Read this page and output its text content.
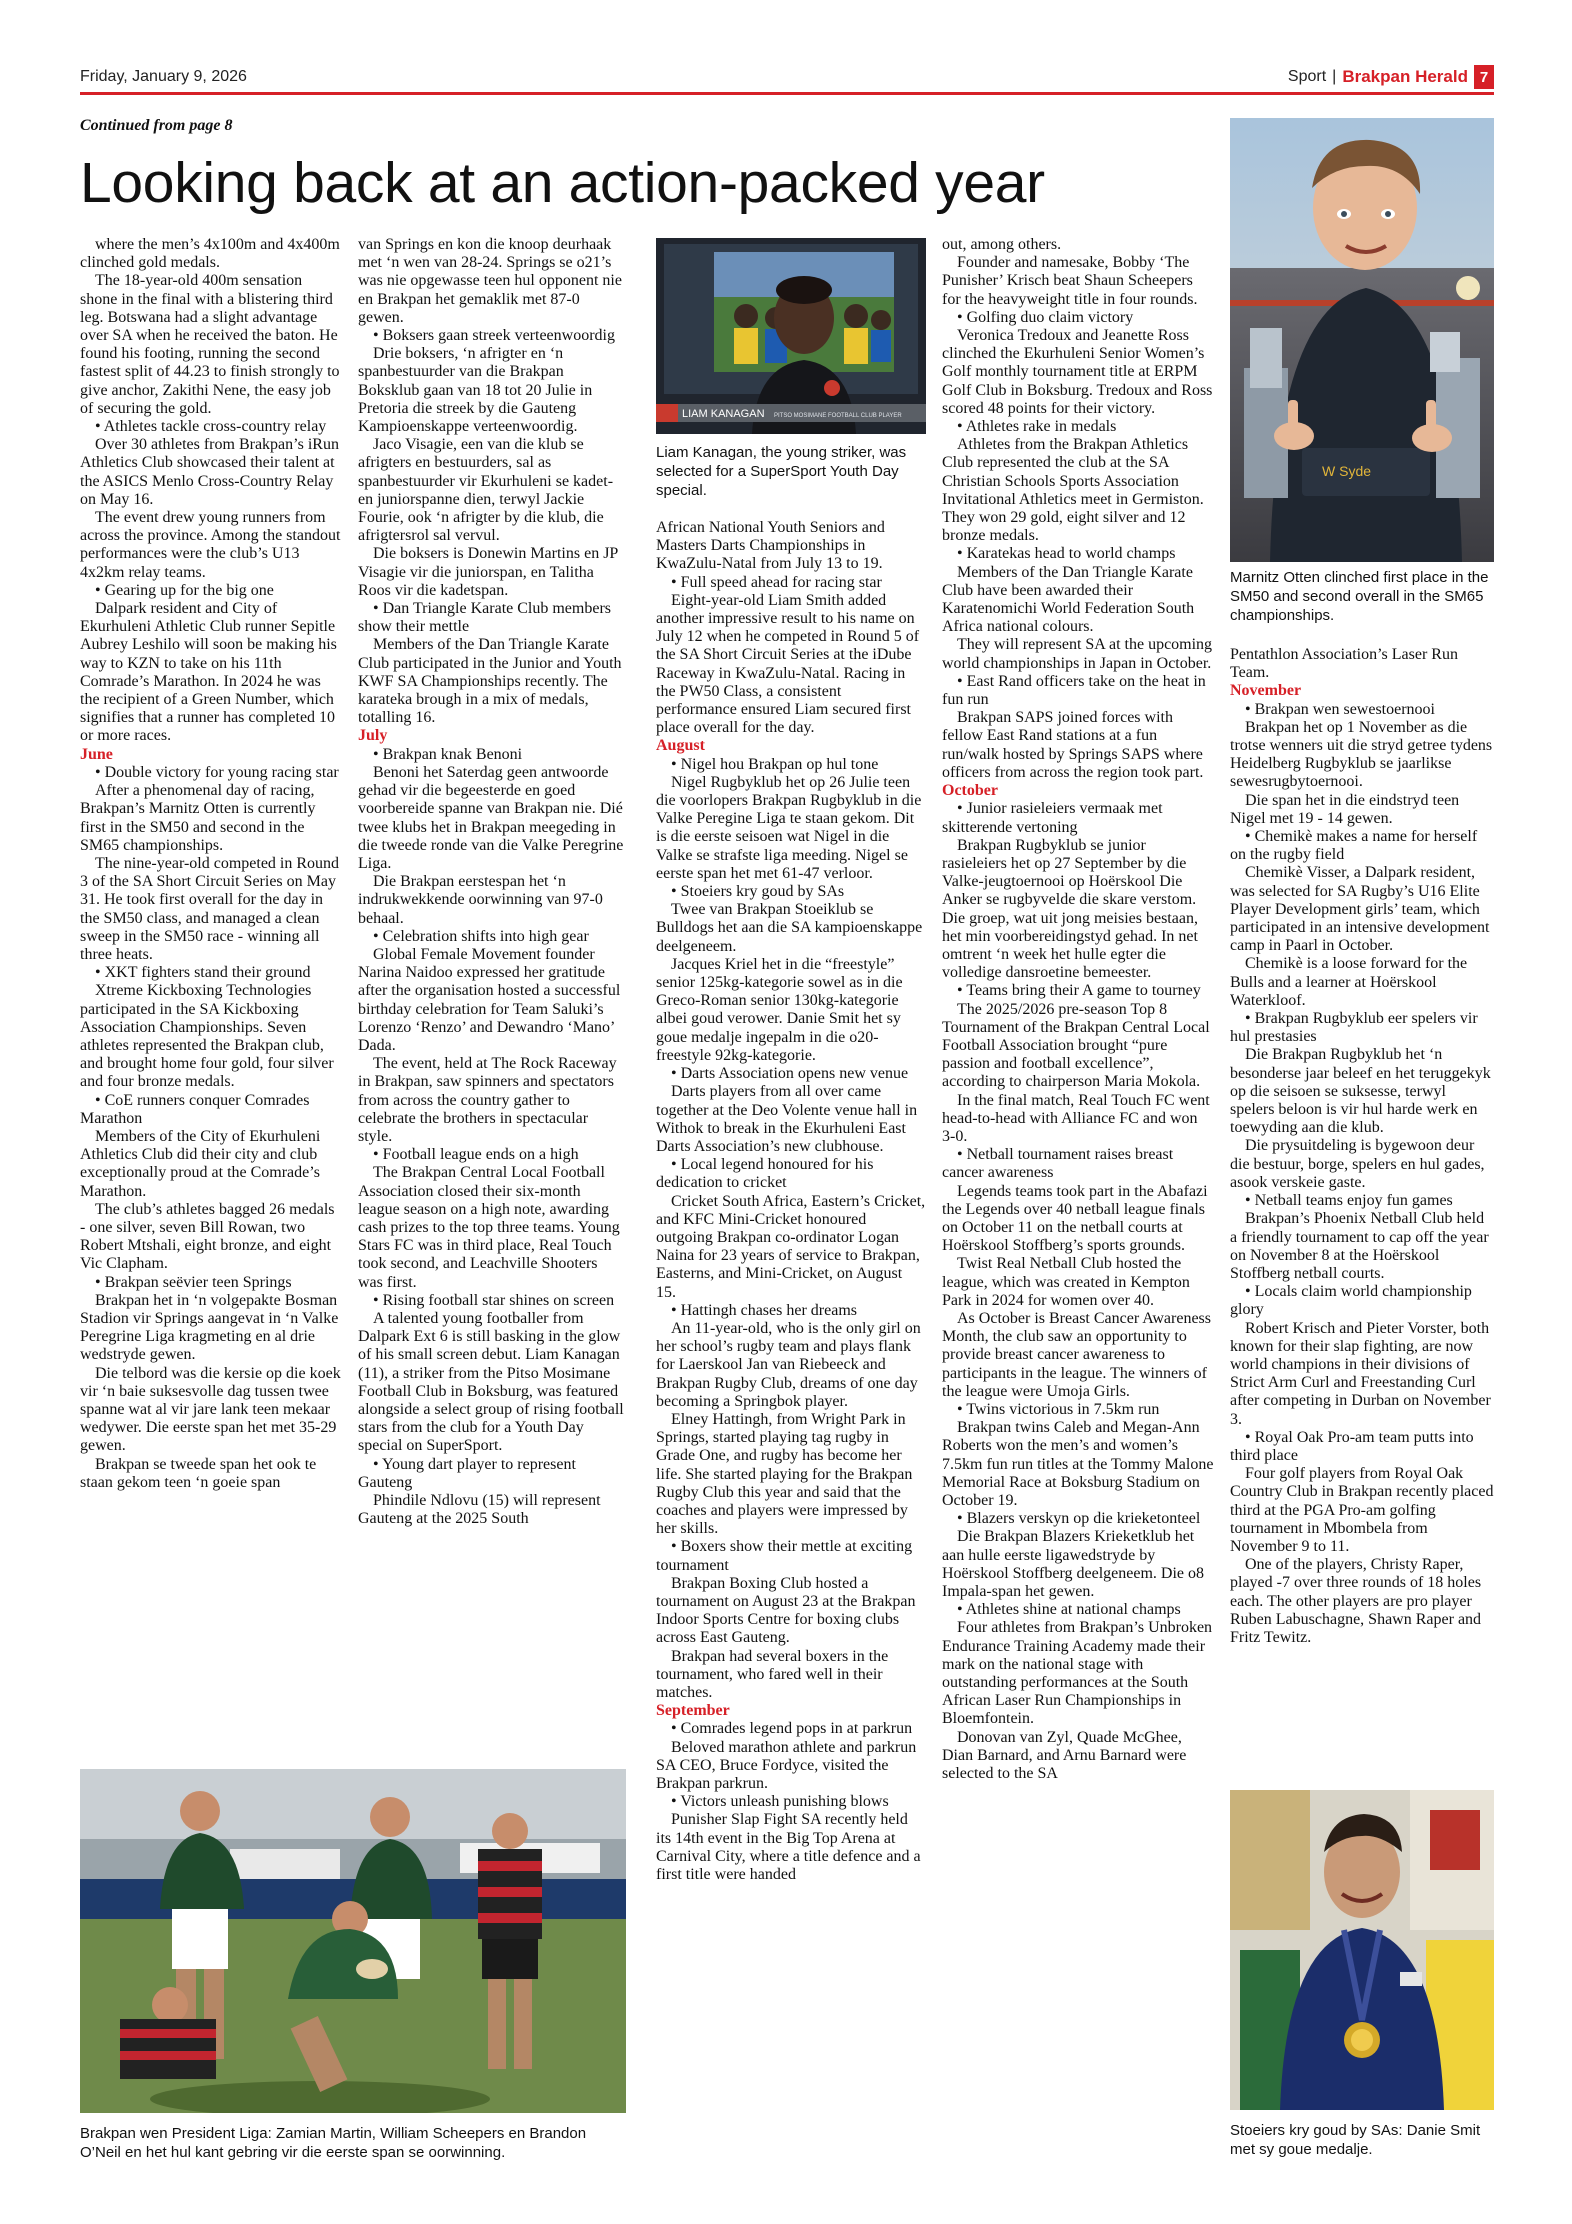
Friday, January 9, 2026	Sport | Brakpan Herald 7
Continued from page 8
Looking back at an action-packed year

where the men’s 4x100m and 4x400m clinched gold medals.

The 18-year-old 400m sensation shone in the final with a blistering third leg. Botswana had a slight advantage over SA when he received the baton. He found his footing, running the second fastest split of 44.23 to finish strongly to give anchor, Zakithi Nene, the easy job of securing the gold.

• Athletes tackle cross-country relay

Over 30 athletes from Brakpan’s iRun Athletics Club showcased their talent at the ASICS Menlo Cross-Country Relay on May 16.

The event drew young runners from across the province. Among the standout performances were the club’s U13 4x2km relay teams.

• Gearing up for the big one

Dalpark resident and City of Ekurhuleni Athletic Club runner Sepitle Aubrey Leshilo will soon be making his way to KZN to take on his 11th Comrade’s Marathon. In 2024 he was the recipient of a Green Number, which signifies that a runner has completed 10 or more races.

June

• Double victory for young racing star

After a phenomenal day of racing, Brakpan’s Marnitz Otten is currently first in the SM50 and second in the SM65 championships.

The nine-year-old competed in Round 3 of the SA Short Circuit Series on May 31. He took first overall for the day in the SM50 class, and managed a clean sweep in the SM50 race - winning all three heats.

• XKT fighters stand their ground

Xtreme Kickboxing Technologies participated in the SA Kickboxing Association Championships. Seven athletes represented the Brakpan club, and brought home four gold, four silver and four bronze medals.

• CoE runners conquer Comrades Marathon

Members of the City of Ekurhuleni Athletics Club did their city and club exceptionally proud at the Comrade’s Marathon.

The club’s athletes bagged 26 medals - one silver, seven Bill Rowan, two Robert Mtshali, eight bronze, and eight Vic Clapham.

• Brakpan seëvier teen Springs

Brakpan het in ‘n volgepakte Bosman Stadion vir Springs aangevat in ‘n Valke Peregrine Liga kragmeting en al drie wedstryde gewen.

Die telbord was die kersie op die koek vir ‘n baie suksesvolle dag tussen twee spanne wat al vir jare lank teen mekaar wedywer. Die eerste span het met 35-29 gewen.

Brakpan se tweede span het ook te staan gekom teen ‘n goeie span

van Springs en kon die knoop deurhaak met ‘n wen van 28-24. Springs se o21’s was nie opgewasse teen hul opponent nie en Brakpan het gemaklik met 87-0 gewen.

• Boksers gaan streek verteenwoordig

Drie boksers, ‘n afrigter en ‘n spanbestuurder van die Brakpan Boksklub gaan van 18 tot 20 Julie in Pretoria die streek by die Gauteng Kampioenskappe verteenwoordig.

Jaco Visagie, een van die klub se afrigters en bestuurders, sal as spanbestuurder vir Ekurhuleni se kadet- en juniorspanne dien, terwyl Jackie Fourie, ook ‘n afrigter by die klub, die afrigtersrol sal vervul.

Die boksers is Donewin Martins en JP Visagie vir die juniorspan, en Talitha Roos vir die kadetspan.

• Dan Triangle Karate Club members show their mettle

Members of the Dan Triangle Karate Club participated in the Junior and Youth KWF SA Championships recently. The karateka brough in a mix of medals, totalling 16.

July

• Brakpan knak Benoni

Benoni het Saterdag geen antwoorde gehad vir die begeesterde en goed voorbereide spanne van Brakpan nie. Dié twee klubs het in Brakpan meegeding in die tweede ronde van die Valke Peregrine Liga.

Die Brakpan eerstespan het ‘n indrukwekkende oorwinning van 97-0 behaal.

• Celebration shifts into high gear

Global Female Movement founder Narina Naidoo expressed her gratitude after the organisation hosted a successful birthday celebration for Team Saluki’s Lorenzo ‘Renzo’ and Dewandro ‘Mano’ Dada.

The event, held at The Rock Raceway in Brakpan, saw spinners and spectators from across the country gather to celebrate the brothers in spectacular style.

• Football league ends on a high

The Brakpan Central Local Football Association closed their six-month league season on a high note, awarding cash prizes to the top three teams. Young Stars FC was in third place, Real Touch took second, and Leachville Shooters was first.

• Rising football star shines on screen

A talented young footballer from Dalpark Ext 6 is still basking in the glow of his small screen debut. Liam Kanagan (11), a striker from the Pitso Mosimane Football Club in Boksburg, was featured alongside a select group of rising football stars from the club for a Youth Day special on SuperSport.

• Young dart player to represent Gauteng

Phindile Ndlovu (15) will represent Gauteng at the 2025 South

African National Youth Seniors and Masters Darts Championships in KwaZulu-Natal from July 13 to 19.

• Full speed ahead for racing star

Eight-year-old Liam Smith added another impressive result to his name on July 12 when he competed in Round 5 of the SA Short Circuit Series at the iDube Raceway in KwaZulu-Natal. Racing in the PW50 Class, a consistent performance ensured Liam secured first place overall for the day.

August

• Nigel hou Brakpan op hul tone

Nigel Rugbyklub het op 26 Julie teen die voorlopers Brakpan Rugbyklub in die Valke Peregine Liga te staan gekom. Dit is die eerste seisoen wat Nigel in die Valke se strafste liga meeding. Nigel se eerste span het met 61-47 verloor.

• Stoeiers kry goud by SAs

Twee van Brakpan Stoeiklub se Bulldogs het aan die SA kampioenskappe deelgeneem.

Jacques Kriel het in die “freestyle” senior 125kg-kategorie sowel as in die Greco-Roman senior 130kg-kategorie albei goud verower. Danie Smit het sy goue medalje ingepalm in die o20-freestyle 92kg-kategorie.

• Darts Association opens new venue

Darts players from all over came together at the Deo Volente venue hall in Withok to break in the Ekurhuleni East Darts Association’s new clubhouse.

• Local legend honoured for his dedication to cricket

Cricket South Africa, Eastern’s Cricket, and KFC Mini-Cricket honoured outgoing Brakpan co-ordinator Logan Naina for 23 years of service to Brakpan, Easterns, and Mini-Cricket, on August 15.

• Hattingh chases her dreams

An 11-year-old, who is the only girl on her school’s rugby team and plays flank for Laerskool Jan van Riebeeck and Brakpan Rugby Club, dreams of one day becoming a Springbok player.

Elney Hattingh, from Wright Park in Springs, started playing tag rugby in Grade One, and rugby has become her life. She started playing for the Brakpan Rugby Club this year and said that the coaches and players were impressed by her skills.

• Boxers show their mettle at exciting tournament

Brakpan Boxing Club hosted a tournament on August 23 at the Brakpan Indoor Sports Centre for boxing clubs across East Gauteng.

Brakpan had several boxers in the tournament, who fared well in their matches.

September

• Comrades legend pops in at parkrun

Beloved marathon athlete and parkrun SA CEO, Bruce Fordyce, visited the Brakpan parkrun.

• Victors unleash punishing blows

Punisher Slap Fight SA recently held its 14th event in the Big Top Arena at Carnival City, where a title defence and a first title were handed

out, among others.

Founder and namesake, Bobby ‘The Punisher’ Krisch beat Shaun Scheepers for the heavyweight title in four rounds.

• Golfing duo claim victory

Veronica Tredoux and Jeanette Ross clinched the Ekurhuleni Senior Women’s Golf monthly tournament title at ERPM Golf Club in Boksburg. Tredoux and Ross scored 48 points for their victory.

• Athletes rake in medals

Athletes from the Brakpan Athletics Club represented the club at the SA Christian Schools Sports Association Invitational Athletics meet in Germiston. They won 29 gold, eight silver and 12 bronze medals.

• Karatekas head to world champs

Members of the Dan Triangle Karate Club have been awarded their Karatenomichi World Federation South Africa national colours.

They will represent SA at the upcoming world championships in Japan in October.

• East Rand officers take on the heat in fun run

Brakpan SAPS joined forces with fellow East Rand stations at a fun run/walk hosted by Springs SAPS where officers from across the region took part.

October

• Junior rasieleiers vermaak met skitterende vertoning

Brakpan Rugbyklub se junior rasieleiers het op 27 September by die Valke-jeugtoernooi op Hoërskool Die Anker se rugbyvelde die skare verstom. Die groep, wat uit jong meisies bestaan, het min voorbereidingstyd gehad. In net omtrent ‘n week het hulle egter die volledige dansroetine bemeester.

• Teams bring their A game to tourney

The 2025/2026 pre-season Top 8 Tournament of the Brakpan Central Local Football Association brought “pure passion and football excellence”, according to chairperson Maria Mokola.

In the final match, Real Touch FC went head-to-head with Alliance FC and won 3-0.

• Netball tournament raises breast cancer awareness

Legends teams took part in the Abafazi the Legends over 40 netball league finals on October 11 on the netball courts at Hoërskool Stoffberg’s sports grounds.

Twist Real Netball Club hosted the league, which was created in Kempton Park in 2024 for women over 40.

As October is Breast Cancer Awareness Month, the club saw an opportunity to provide breast cancer awareness to participants in the league. The winners of the league were Umoja Girls.

• Twins victorious in 7.5km run

Brakpan twins Caleb and Megan-Ann Roberts won the men’s and women’s 7.5km fun run titles at the Tommy Malone Memorial Race at Boksburg Stadium on October 19.

• Blazers verskyn op die krieketonteel

Die Brakpan Blazers Krieketklub het aan hulle eerste ligawedstryde by Hoërskool Stoffberg deelgeneem. Die o8 Impala-span het gewen.

• Athletes shine at national champs

Four athletes from Brakpan’s Unbroken Endurance Training Academy made their mark on the national stage with outstanding performances at the South African Laser Run Championships in Bloemfontein.

Donovan van Zyl, Quade McGhee, Dian Barnard, and Arnu Barnard were selected to the SA

Pentathlon Association’s Laser Run Team.

November

• Brakpan wen sewestoernooi

Brakpan het op 1 November as die trotse wenners uit die stryd getree tydens Heidelberg Rugbyklub se jaarlikse sewesrugbytoernooi.

Die span het in die eindstryd teen Nigel met 19 - 14 gewen.

• Chemikè makes a name for herself on the rugby field

Chemikè Visser, a Dalpark resident, was selected for SA Rugby’s U16 Elite Player Development girls’ team, which participated in an intensive development camp in Paarl in October.

Chemikè is a loose forward for the Bulls and a learner at Hoërskool Waterkloof.

• Brakpan Rugbyklub eer spelers vir hul prestasies

Die Brakpan Rugbyklub het ‘n besonderse jaar beleef en het teruggekyk op die seisoen se suksesse, terwyl spelers beloon is vir hul harde werk en toewyding aan die klub.

Die prysuitdeling is bygewoon deur die bestuur, borge, spelers en hul gades, asook verskeie gaste.

• Netball teams enjoy fun games

Brakpan’s Phoenix Netball Club held a friendly tournament to cap off the year on November 8 at the Hoërskool Stoffberg netball courts.

• Locals claim world championship glory

Robert Krisch and Pieter Vorster, both known for their slap fighting, are now world champions in their divisions of Strict Arm Curl and Freestanding Curl after competing in Durban on November 3.

• Royal Oak Pro-am team putts into third place

Four golf players from Royal Oak Country Club in Brakpan recently placed third at the PGA Pro-am golfing tournament in Mbombela from November 9 to 11.

One of the players, Christy Raper, played -7 over three rounds of 18 holes each. The other players are pro player Ruben Labuschagne, Shawn Raper and Fritz Tewitz.

LIAM KANAGAN PITSO MOSIMANE FOOTBALL CLUB PLAYER
Liam Kanagan, the young striker, was selected for a SuperSport Youth Day special.
W Syde
Marnitz Otten clinched first place in the SM50 and second overall in the SM65 championships.
Brakpan wen President Liga: Zamian Martin, William Scheepers en Brandon O’Neil en het hul kant gebring vir die eerste span se oorwinning.
Stoeiers kry goud by SAs: Danie Smit met sy goue medalje.
